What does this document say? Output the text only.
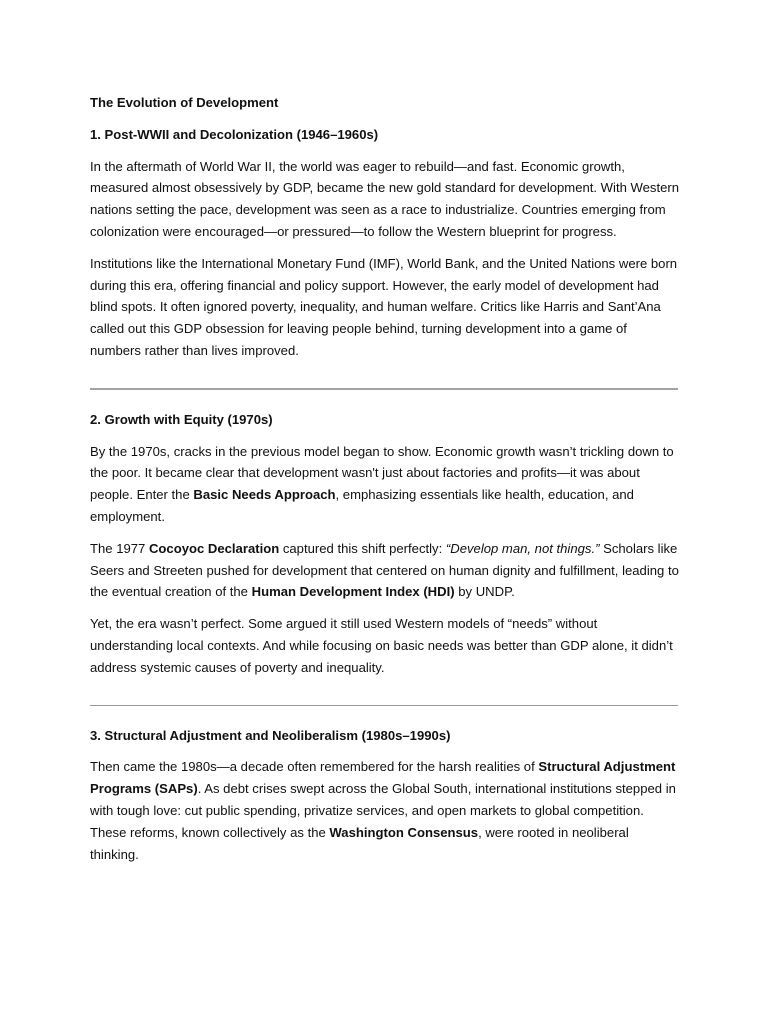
The Evolution of Development
1. Post-WWII and Decolonization (1946–1960s)

In the aftermath of World War II, the world was eager to rebuild—and fast. Economic growth, measured almost obsessively by GDP, became the new gold standard for development. With Western nations setting the pace, development was seen as a race to industrialize. Countries emerging from colonization were encouraged—or pressured—to follow the Western blueprint for progress.

Institutions like the International Monetary Fund (IMF), World Bank, and the United Nations were born during this era, offering financial and policy support. However, the early model of development had blind spots. It often ignored poverty, inequality, and human welfare. Critics like Harris and Sant’Ana called out this GDP obsession for leaving people behind, turning development into a game of numbers rather than lives improved.

2. Growth with Equity (1970s)

By the 1970s, cracks in the previous model began to show. Economic growth wasn’t trickling down to the poor. It became clear that development wasn't just about factories and profits—it was about people. Enter the Basic Needs Approach, emphasizing essentials like health, education, and employment.

The 1977 Cocoyoc Declaration captured this shift perfectly: “Develop man, not things.” Scholars like Seers and Streeten pushed for development that centered on human dignity and fulfillment, leading to the eventual creation of the Human Development Index (HDI) by UNDP.

Yet, the era wasn’t perfect. Some argued it still used Western models of “needs” without understanding local contexts. And while focusing on basic needs was better than GDP alone, it didn’t address systemic causes of poverty and inequality.

3. Structural Adjustment and Neoliberalism (1980s–1990s)

Then came the 1980s—a decade often remembered for the harsh realities of Structural Adjustment Programs (SAPs). As debt crises swept across the Global South, international institutions stepped in with tough love: cut public spending, privatize services, and open markets to global competition. These reforms, known collectively as the Washington Consensus, were rooted in neoliberal thinking.
